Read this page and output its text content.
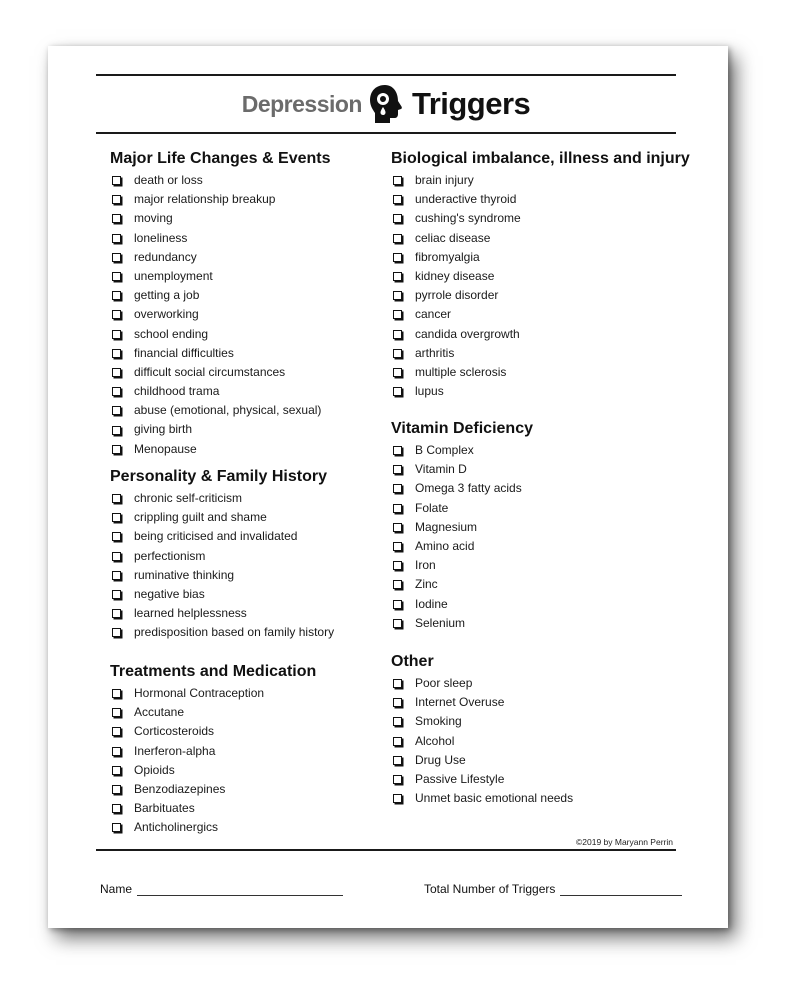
Depression Triggers
Major Life Changes & Events
death or loss
major relationship breakup
moving
loneliness
redundancy
unemployment
getting a job
overworking
school ending
financial difficulties
difficult social circumstances
childhood trama
abuse (emotional, physical, sexual)
giving birth
Menopause
Personality & Family History
chronic self-criticism
crippling guilt and shame
being criticised and invalidated
perfectionism
ruminative thinking
negative bias
learned helplessness
predisposition based on family history
Treatments and Medication
Hormonal Contraception
Accutane
Corticosteroids
Inerferon-alpha
Opioids
Benzodiazepines
Barbituates
Anticholinergics
Biological imbalance, illness and injury
brain injury
underactive thyroid
cushing's syndrome
celiac disease
fibromyalgia
kidney disease
pyrrole disorder
cancer
candida overgrowth
arthritis
multiple sclerosis
lupus
Vitamin Deficiency
B Complex
Vitamin D
Omega 3 fatty acids
Folate
Magnesium
Amino acid
Iron
Zinc
Iodine
Selenium
Other
Poor sleep
Internet Overuse
Smoking
Alcohol
Drug Use
Passive Lifestyle
Unmet basic emotional needs
©2019 by Maryann Perrin
Name	Total Number of Triggers
